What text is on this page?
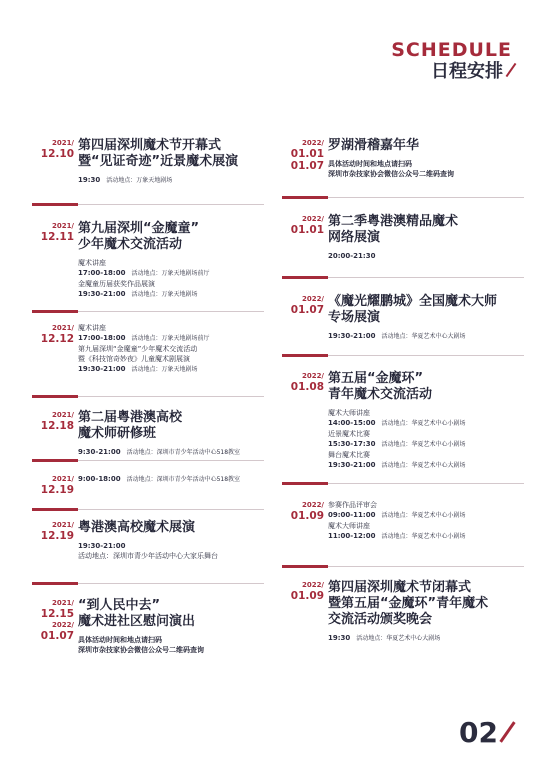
SCHEDULE
日程安排
2021/
12.10
第四届深圳魔术节开幕式
暨“见证奇迹”近景魔术展演
19:30 活动地点：万象天地剧场
2021/
12.11
第九届深圳“金魔童”
少年魔术交流活动
魔术讲座
17:00-18:00 活动地点：万象天地剧场前厅
金魔童历届获奖作品展演
19:30-21:00 活动地点：万象天地剧场
2021/
12.12
魔术讲座
17:00-18:00 活动地点：万象天地剧场前厅
第九届深圳“金魔童”少年魔术交流活动
暨《科技馆奇妙夜》儿童魔术剧展演
19:30-21:00 活动地点：万象天地剧场
2021/
12.18
第二届粤港澳高校
魔术师研修班
9:30-21:00 活动地点：深圳市青少年活动中心518教室
2021/
12.19
9:00-18:00 活动地点：深圳市青少年活动中心518教室
2021/
12.19
粤港澳高校魔术展演
19:30-21:00
活动地点：深圳市青少年活动中心大家乐舞台
2021/
12.15
2022/
01.07
“到人民中去”
魔术进社区慰问演出
具体活动时间和地点请扫码
深圳市杂技家协会微信公众号二维码查询
2022/
01.01
01.07
罗湖滑稽嘉年华
具体活动时间和地点请扫码
深圳市杂技家协会微信公众号二维码查询
2022/
01.01
第二季粤港澳精品魔术
网络展演
20:00-21:30
2022/
01.07
《魔光耀鹏城》全国魔术大师
专场展演
19:30-21:00 活动地点：华夏艺术中心大剧场
2022/
01.08
第五届“金魔环”
青年魔术交流活动
魔术大师讲座
14:00-15:00 活动地点：华夏艺术中心小剧场
近景魔术比赛
15:30-17:30 活动地点：华夏艺术中心小剧场
舞台魔术比赛
19:30-21:00 活动地点：华夏艺术中心大剧场
2022/
01.09
参赛作品评审会
09:00-11:00 活动地点：华夏艺术中心小剧场
魔术大师讲座
11:00-12:00 活动地点：华夏艺术中心小剧场
2022/
01.09
第四届深圳魔术节闭幕式
暨第五届“金魔环”青年魔术
交流活动颁奖晚会
19:30 活动地点：华夏艺术中心大剧场
02
